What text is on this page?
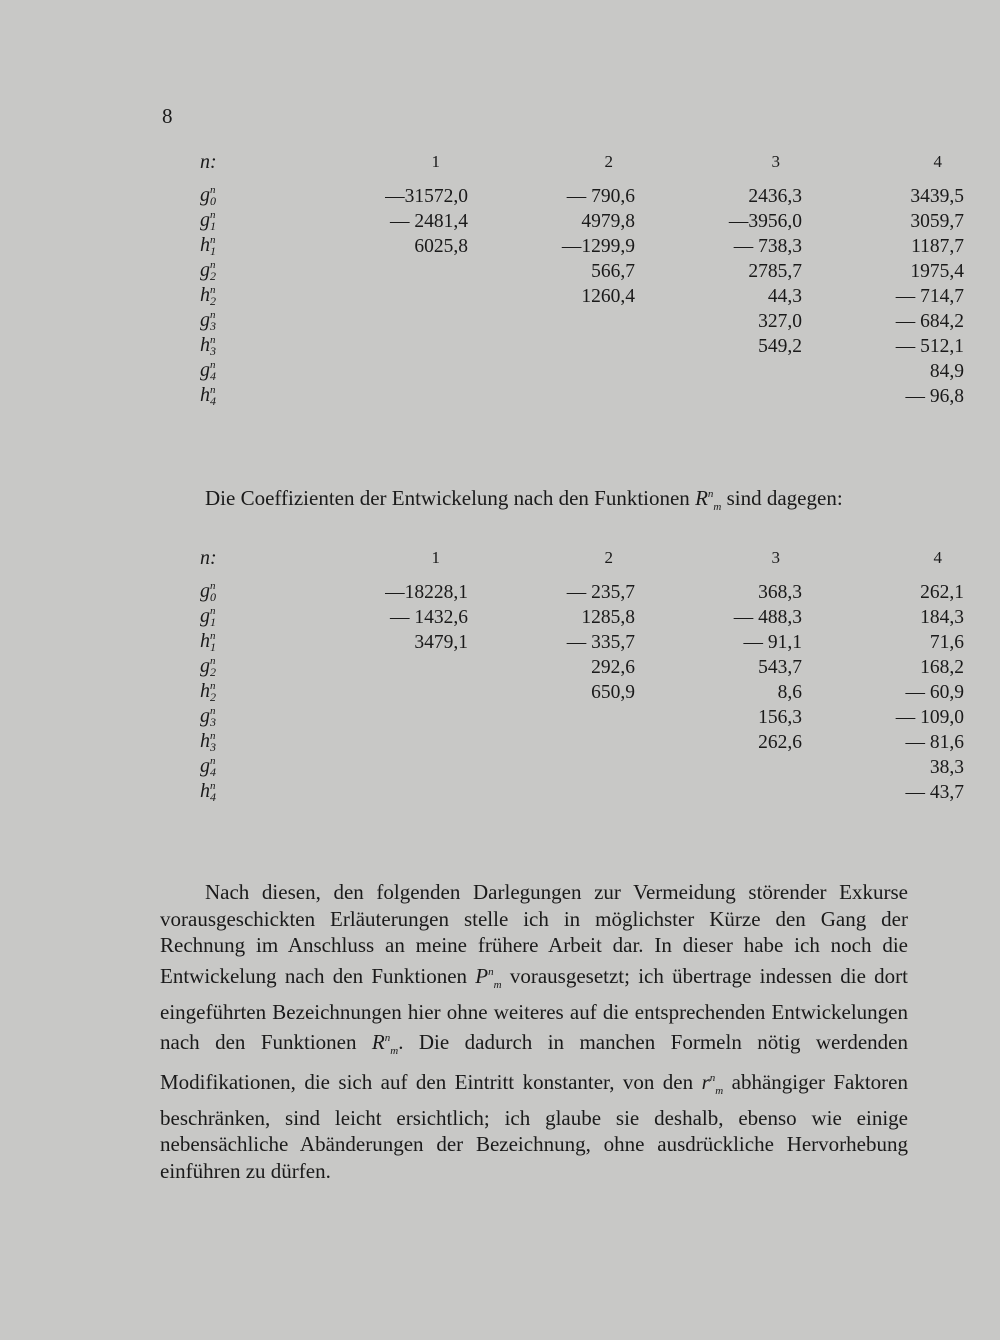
8
n:	1	2	3	4

$g_0^n$	—31572,0	— 790,6	2436,3	3439,5
$g_1^n$	— 2481,4	4979,8	—3956,0	3059,7
$h_1^n$	6025,8	—1299,9	— 738,3	1187,7
$g_2^n$		566,7	2785,7	1975,4
$h_2^n$		1260,4	44,3	— 714,7
$g_3^n$			327,0	— 684,2
$h_3^n$			549,2	— 512,1
$g_4^n$				84,9
$h_4^n$				— 96,8
Die Coeffizienten der Entwickelung nach den Funktionen $R^n_m$ sind dagegen:
n:	1	2	3	4

$g_0^n$	—18228,1	— 235,7	368,3	262,1
$g_1^n$	— 1432,6	1285,8	— 488,3	184,3
$h_1^n$	3479,1	— 335,7	— 91,1	71,6
$g_2^n$		292,6	543,7	168,2
$h_2^n$		650,9	8,6	— 60,9
$g_3^n$			156,3	— 109,0
$h_3^n$			262,6	— 81,6
$g_4^n$				38,3
$h_4^n$				— 43,7
Nach diesen, den folgenden Darlegungen zur Vermeidung störender Exkurse vorausgeschickten Erläuterungen stelle ich in möglichster Kürze den Gang der Rechnung im Anschluss an meine frühere Arbeit dar. In dieser habe ich noch die Entwickelung nach den Funktionen $P^n_m$ vorausgesetzt; ich übertrage indessen die dort eingeführten Bezeichnungen hier ohne weiteres auf die entsprechenden Entwickelungen nach den Funktionen $R^n_m$. Die dadurch in manchen Formeln nötig werdenden Modifikationen, die sich auf den Eintritt konstanter, von den $r^n_m$ abhängiger Faktoren beschränken, sind leicht ersichtlich; ich glaube sie deshalb, ebenso wie einige nebensächliche Abänderungen der Bezeichnung, ohne ausdrückliche Hervorhebung einführen zu dürfen.
